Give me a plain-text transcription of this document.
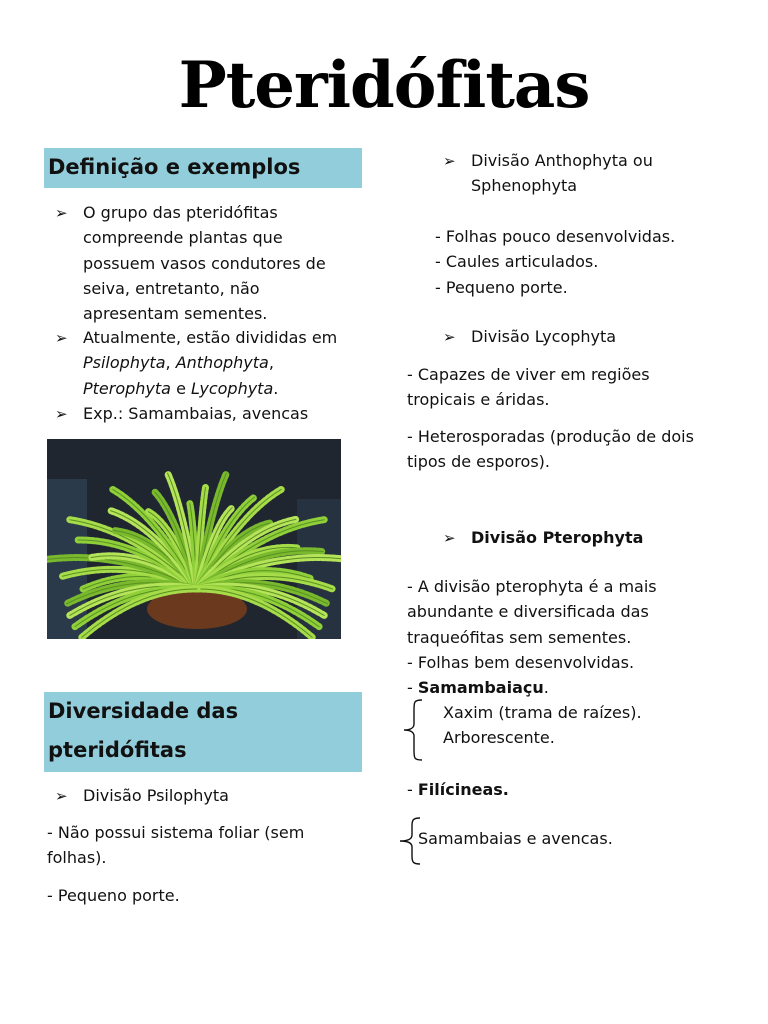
Pteridófitas
Definição e exemplos
➢ O grupo das pteridófitas
compreende plantas que
possuem vasos condutores de
seiva, entretanto, não
apresentam sementes.
➢ Atualmente, estão divididas em
Psilophyta, Anthophyta,
Pterophyta e Lycophyta.
➢ Exp.: Samambaias, avencas
Diversidade das
pteridófitas
➢ Divisão Psilophyta
- Não possui sistema foliar (sem
folhas).
- Pequeno porte.
➢ Divisão Anthophyta ou
Sphenophyta
- Folhas pouco desenvolvidas.
- Caules articulados.
- Pequeno porte.
➢ Divisão Lycophyta
- Capazes de viver em regiões
tropicais e áridas.
- Heterosporadas (produção de dois
tipos de esporos).
➢ Divisão Pterophyta
- A divisão pterophyta é a mais
abundante e diversificada das
traqueófitas sem sementes.
- Folhas bem desenvolvidas.
- Samambaiaçu.
Xaxim (trama de raízes).
Arborescente.
- Filícineas.
Samambaias e avencas.
